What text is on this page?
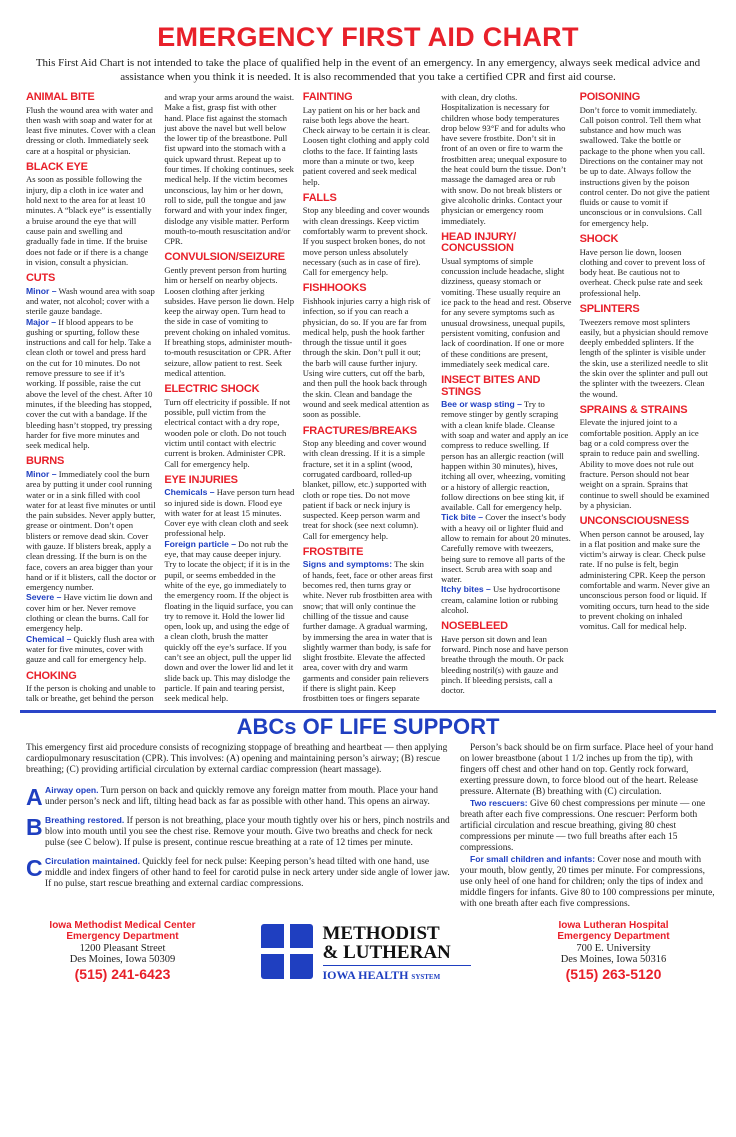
EMERGENCY FIRST AID CHART
This First Aid Chart is not intended to take the place of qualified help in the event of an emergency. In any emergency, always seek medical advice and assistance when you think it is needed. It is also recommended that you take a certified CPR and first aid course.
ANIMAL BITE

Flush the wound area with water and then wash with soap and water for at least five minutes. Cover with a clean dressing or cloth. Immediately seek care at a hospital or physician.

BLACK EYE

As soon as possible following the injury, dip a cloth in ice water and hold next to the area for at least 10 minutes. A “black eye” is essentially a bruise around the eye that will cause pain and swelling and gradually fade in time. If the bruise does not fade or if there is a change in vision, consult a physician.

CUTS

Minor – Wash wound area with soap and water, not alcohol; cover with a sterile gauze bandage.

Major – If blood appears to be gushing or spurting, follow these instructions and call for help. Take a clean cloth or towel and press hard on the cut for 10 minutes. Do not remove pressure to see if it’s working. If possible, raise the cut above the level of the chest. After 10 minutes, if the bleeding has stopped, cover the cut with a bandage. If the bleeding hasn’t stopped, try pressing harder for five more minutes and seek medical help.

BURNS

Minor – Immediately cool the burn area by putting it under cool running water or in a sink filled with cool water for at least five minutes or until the pain subsides. Never apply butter, grease or ointment. Don’t open blisters or remove dead skin. Cover with gauze. If blisters break, apply a clean dressing. If the burn is on the face, covers an area bigger than your hand or if it blisters, call the doctor or emergency number.

Severe – Have victim lie down and cover him or her. Never remove clothing or clean the burns. Call for emergency help.

Chemical – Quickly flush area with water for five minutes, cover with gauze and call for emergency help.

CHOKING

If the person is choking and unable to talk or breathe, get behind the person and wrap your arms around the waist. Make a fist, grasp fist with other hand. Place fist against the stomach just above the navel but well below the lower tip of the breastbone. Pull fist upward into the stomach with a quick upward thrust. Repeat up to four times. If choking continues, seek medical help. If the victim becomes unconscious, lay him or her down, roll to side, pull the tongue and jaw forward and with your index finger, dislodge any visible matter. Perform mouth-to-mouth resuscitation and/or CPR.

CONVULSION/SEIZURE

Gently prevent person from hurting him or herself on nearby objects. Loosen clothing after jerking subsides. Have person lie down. Help keep the airway open. Turn head to the side in case of vomiting to prevent choking on inhaled vomitus. If breathing stops, administer mouth-to-mouth resuscitation or CPR. After seizure, allow patient to rest. Seek medical attention.

ELECTRIC SHOCK

Turn off electricity if possible. If not possible, pull victim from the electrical contact with a dry rope, wooden pole or cloth. Do not touch victim until contact with electric current is broken. Administer CPR. Call for emergency help.

EYE INJURIES

Chemicals – Have person turn head so injured side is down. Flood eye with water for at least 15 minutes. Cover eye with clean cloth and seek professional help.

Foreign particle – Do not rub the eye, that may cause deeper injury. Try to locate the object; if it is in the pupil, or seems embedded in the white of the eye, go immediately to the emergency room. If the object is floating in the liquid surface, you can try to remove it. Hold the lower lid open, look up, and using the edge of a clean cloth, brush the matter quickly off the eye’s surface. If you can’t see an object, pull the upper lid down and over the lower lid and let it slide back up. This may dislodge the particle. If pain and tearing persist, seek medical help.

FAINTING

Lay patient on his or her back and raise both legs above the heart. Check airway to be certain it is clear. Loosen tight clothing and apply cold cloths to the face. If fainting lasts more than a minute or two, keep patient covered and seek medical help.

FALLS

Stop any bleeding and cover wounds with clean dressings. Keep victim comfortably warm to prevent shock. If you suspect broken bones, do not move person unless absolutely necessary (such as in case of fire). Call for emergency help.

FISHHOOKS

Fishhook injuries carry a high risk of infection, so if you can reach a physician, do so. If you are far from medical help, push the hook farther through the tissue until it goes through the skin. Don’t pull it out; the barb will cause further injury. Using wire cutters, cut off the barb, and then pull the hook back through the skin. Clean and bandage the wound and seek medical attention as soon as possible.

FRACTURES/BREAKS

Stop any bleeding and cover wound with clean dressing. If it is a simple fracture, set it in a splint (wood, corrugated cardboard, rolled-up blanket, pillow, etc.) supported with cloth or rope ties. Do not move patient if back or neck injury is suspected. Keep person warm and treat for shock (see next column). Call for emergency help.

FROSTBITE

Signs and symptoms: The skin of hands, feet, face or other areas first becomes red, then turns gray or white. Never rub frostbitten area with snow; that will only continue the chilling of the tissue and cause further damage. A gradual warming, by immersing the area in water that is slightly warmer than body, is safe for slight frostbite. Elevate the affected area, cover with dry and warm garments and consider pain relievers if there is slight pain. Keep frostbitten toes or fingers separate with clean, dry cloths. Hospitalization is necessary for children whose body temperatures drop below 93°F and for adults who have severe frostbite. Don’t sit in front of an oven or fire to warm the frostbitten area; unequal exposure to the heat could burn the tissue. Don’t massage the damaged area or rub with snow. Do not break blisters or give alcoholic drinks. Contact your physician or emergency room immediately.

HEAD INJURY/ CONCUSSION

Usual symptoms of simple concussion include headache, slight dizziness, queasy stomach or vomiting. These usually require an ice pack to the head and rest. Observe for any severe symptoms such as unusual drowsiness, unequal pupils, persistent vomiting, confusion and lack of coordination. If one or more of these conditions are present, immediately seek medical care.

INSECT BITES AND STINGS

Bee or wasp sting – Try to remove stinger by gently scraping with a clean knife blade. Cleanse with soap and water and apply an ice compress to reduce swelling. If person has an allergic reaction (will happen within 30 minutes), hives, itching all over, wheezing, vomiting or a history of allergic reaction, follow directions on bee sting kit, if available. Call for emergency help.

Tick bite – Cover the insect’s body with a heavy oil or lighter fluid and allow to remain for about 20 minutes. Carefully remove with tweezers, being sure to remove all parts of the insect. Scrub area with soap and water.

Itchy bites – Use hydrocortisone cream, calamine lotion or rubbing alcohol.

NOSEBLEED

Have person sit down and lean forward. Pinch nose and have person breathe through the mouth. Or pack bleeding nostril(s) with gauze and pinch. If bleeding persists, call a doctor.

POISONING

Don’t force to vomit immediately. Call poison control. Tell them what substance and how much was swallowed. Take the bottle or package to the phone when you call. Directions on the container may not be up to date. Always follow the instructions given by the poison control center. Do not give the patient fluids or cause to vomit if unconscious or in convulsions. Call for emergency help.

SHOCK

Have person lie down, loosen clothing and cover to prevent loss of body heat. Be cautious not to overheat. Check pulse rate and seek professional help.

SPLINTERS

Tweezers remove most splinters easily, but a physician should remove deeply embedded splinters. If the length of the splinter is visible under the skin, use a sterilized needle to slit the skin over the splinter and pull out the splinter with the tweezers. Clean the wound.

SPRAINS & STRAINS

Elevate the injured joint to a comfortable position. Apply an ice bag or a cold compress over the sprain to reduce pain and swelling. Ability to move does not rule out fracture. Person should not bear weight on a sprain. Sprains that continue to swell should be examined by a physician.

UNCONSCIOUSNESS

When person cannot be aroused, lay in a flat position and make sure the victim’s airway is clear. Check pulse rate. If no pulse is felt, begin administering CPR. Keep the person comfortable and warm. Never give an unconscious person food or liquid. If vomiting occurs, turn head to the side to prevent choking on inhaled vomitus. Call for medical help.

ABCs OF LIFE SUPPORT

This emergency first aid procedure consists of recognizing stoppage of breathing and heartbeat — then applying cardiopulmonary resuscitation (CPR). This involves: (A) opening and maintaining person’s airway; (B) rescue breathing; (C) providing artificial circulation by external cardiac compression (heart massage).

A Airway open. Turn person on back and quickly remove any foreign matter from mouth. Place your hand under person’s neck and lift, tilting head back as far as possible with other hand. This opens an airway.
B Breathing restored. If person is not breathing, place your mouth tightly over his or hers, pinch nostrils and blow into mouth until you see the chest rise. Remove your mouth. Give two breaths and check for neck pulse (see C below). If pulse is present, continue rescue breathing at a rate of 12 times per minute.
C Circulation maintained. Quickly feel for neck pulse: Keeping person’s head tilted with one hand, use middle and index fingers of other hand to feel for carotid pulse in neck artery under side angle of lower jaw. If no pulse, start rescue breathing and external cardiac compressions.

Person’s back should be on firm surface. Place heel of your hand on lower breastbone (about 1 1/2 inches up from the tip), with fingers off chest and other hand on top. Gently rock forward, exerting pressure down, to force blood out of the heart. Release pressure. Alternate (B) breathing with (C) circulation.

Two rescuers: Give 60 chest compressions per minute — one breath after each five compressions. One rescuer: Perform both artificial circulation and rescue breathing, giving 80 chest compressions per minute — two full breaths after each 15 compressions.

For small children and infants: Cover nose and mouth with your mouth, blow gently, 20 times per minute. For compressions, use only heel of one hand for children; only the tips of index and middle fingers for infants. Give 80 to 100 compressions per minute, with one breath after each five compressions.

Iowa Methodist Medical Center
Emergency Department
1200 Pleasant Street
Des Moines, Iowa 50309
(515) 241-6423
METHODIST
& LUTHERAN
IOWA HEALTH SYSTEM
Iowa Lutheran Hospital
Emergency Department
700 E. University
Des Moines, Iowa 50316
(515) 263-5120
